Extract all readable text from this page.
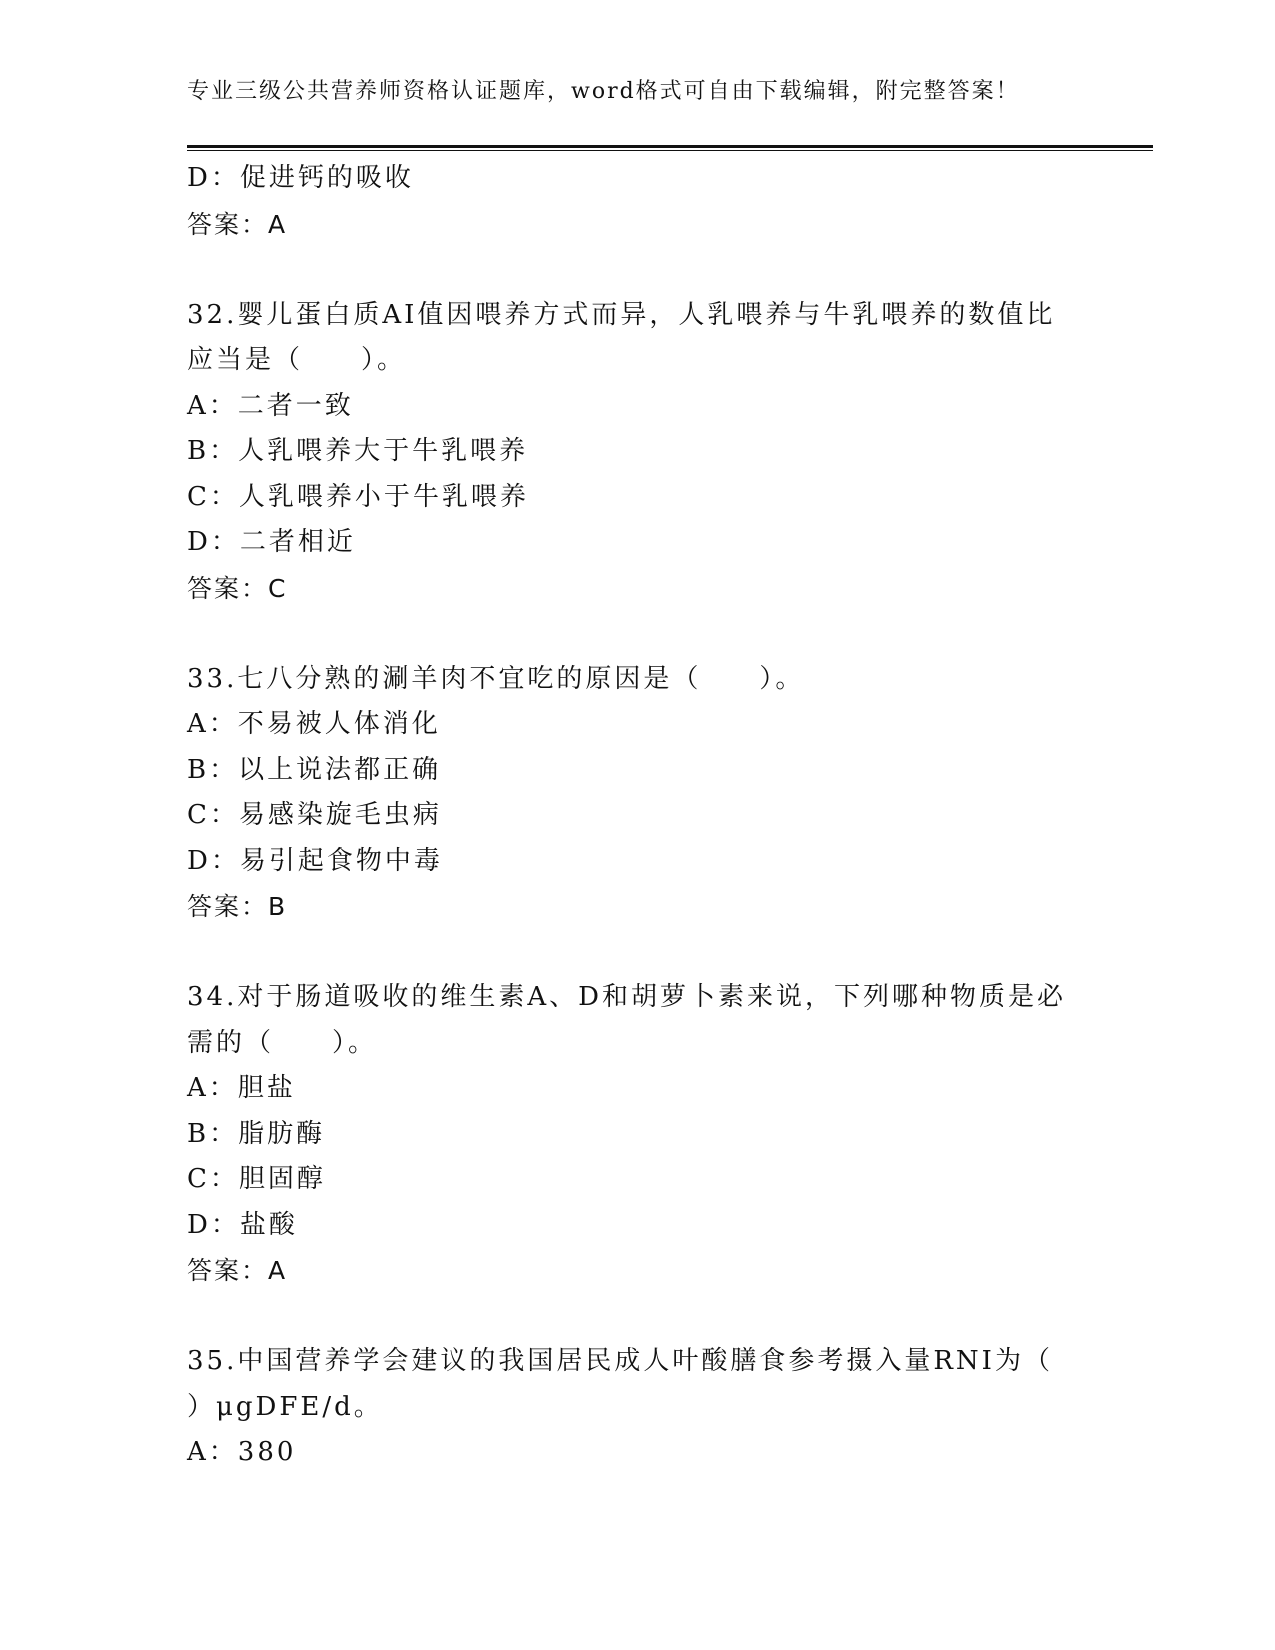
专业三级公共营养师资格认证题库，word格式可自由下载编辑，附完整答案！
D：促进钙的吸收
答案：A
32.婴儿蛋白质AI值因喂养方式而异，人乳喂养与牛乳喂养的数值比
应当是（　　）。
A：二者一致
B：人乳喂养大于牛乳喂养
C：人乳喂养小于牛乳喂养
D：二者相近
答案：C
33.七八分熟的涮羊肉不宜吃的原因是（　　）。
A：不易被人体消化
B：以上说法都正确
C：易感染旋毛虫病
D：易引起食物中毒
答案：B
34.对于肠道吸收的维生素A、D和胡萝卜素来说，下列哪种物质是必
需的（　　）。
A：胆盐
B：脂肪酶
C：胆固醇
D：盐酸
答案：A
35.中国营养学会建议的我国居民成人叶酸膳食参考摄入量RNI为（
）μgDFE/d。
A：380
